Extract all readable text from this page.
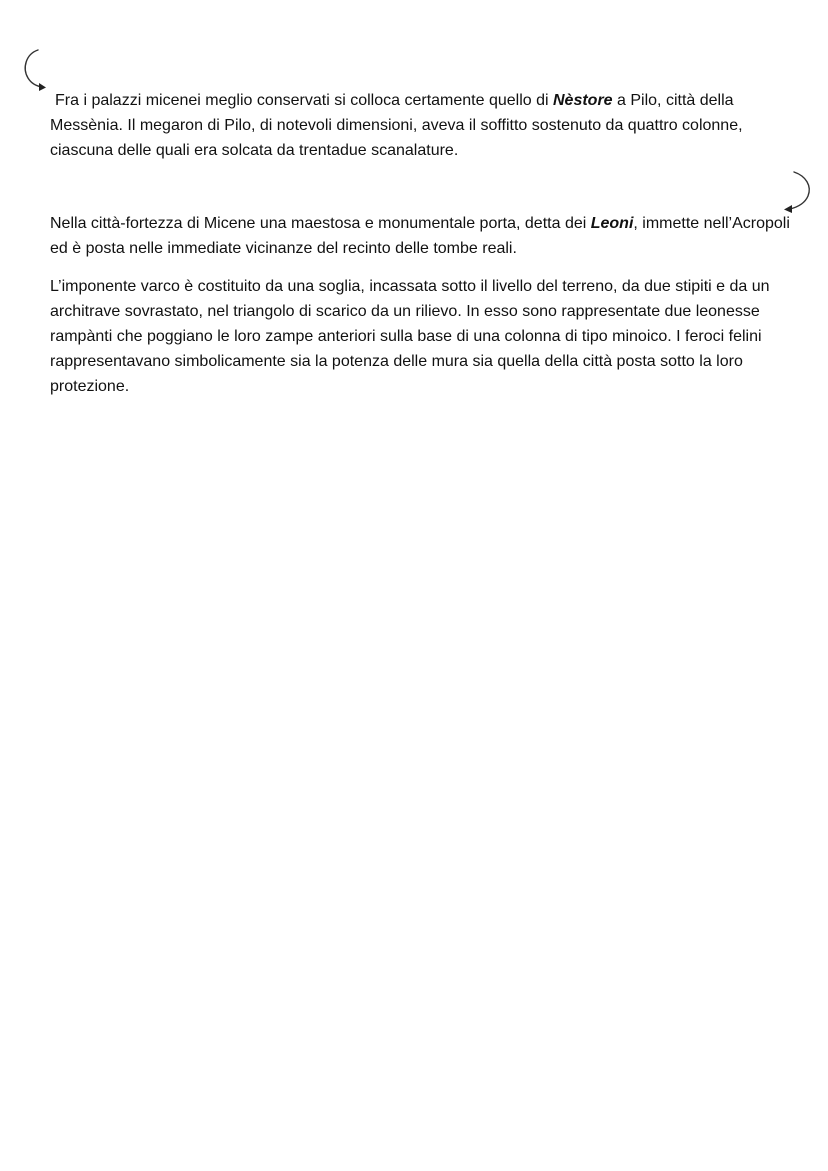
Fra i palazzi micenei meglio conservati si colloca certamente quello di Nèstore a Pilo, città della Messènia. Il megaron di Pilo, di notevoli dimensioni, aveva il soffitto sostenuto da quattro colonne, ciascuna delle quali era solcata da trentadue scanalature.

Nella città-fortezza di Micene una maestosa e monumentale porta, detta dei Leoni, immette nell’Acropoli ed è posta nelle immediate vicinanze del recinto delle tombe reali.

L’imponente varco è costituito da una soglia, incassata sotto il livello del terreno, da due stipiti e da un architrave sovrastato, nel triangolo di scarico da un rilievo. In esso sono rappresentate due leonesse rampànti che poggiano le loro zampe anteriori sulla base di una colonna di tipo minoico. I feroci felini rappresentavano simbolicamente sia la potenza delle mura sia quella della città posta sotto la loro protezione.
